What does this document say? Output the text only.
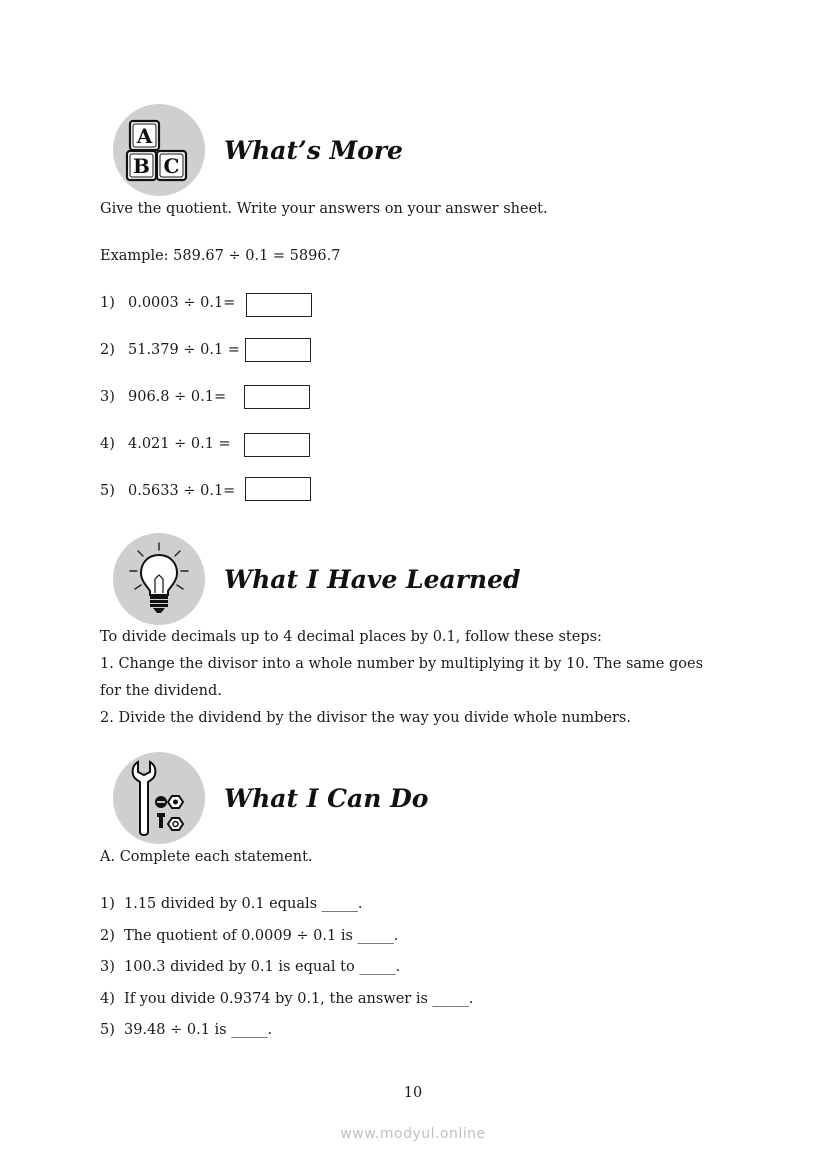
A
B C
What’s More
Give the quotient. Write your answers on your answer sheet.
Example: 589.67 ÷ 0.1 = 5896.7
1) 0.0003 ÷ 0.1=
2) 51.379 ÷ 0.1 =
3) 906.8 ÷ 0.1=
4) 4.021 ÷ 0.1 =
5) 0.5633 ÷ 0.1=
What I Have Learned
To divide decimals up to 4 decimal places by 0.1, follow these steps:
1. Change the divisor into a whole number by multiplying it by 10. The same goes
for the dividend.
2. Divide the dividend by the divisor the way you divide whole numbers.
What I Can Do
A. Complete each statement.
1) 1.15 divided by 0.1 equals _____.
2) The quotient of 0.0009 ÷ 0.1 is _____.
3) 100.3 divided by 0.1 is equal to _____.
4) If you divide 0.9374 by 0.1, the answer is _____.
5) 39.48 ÷ 0.1 is _____.
10
www.modyul.online
